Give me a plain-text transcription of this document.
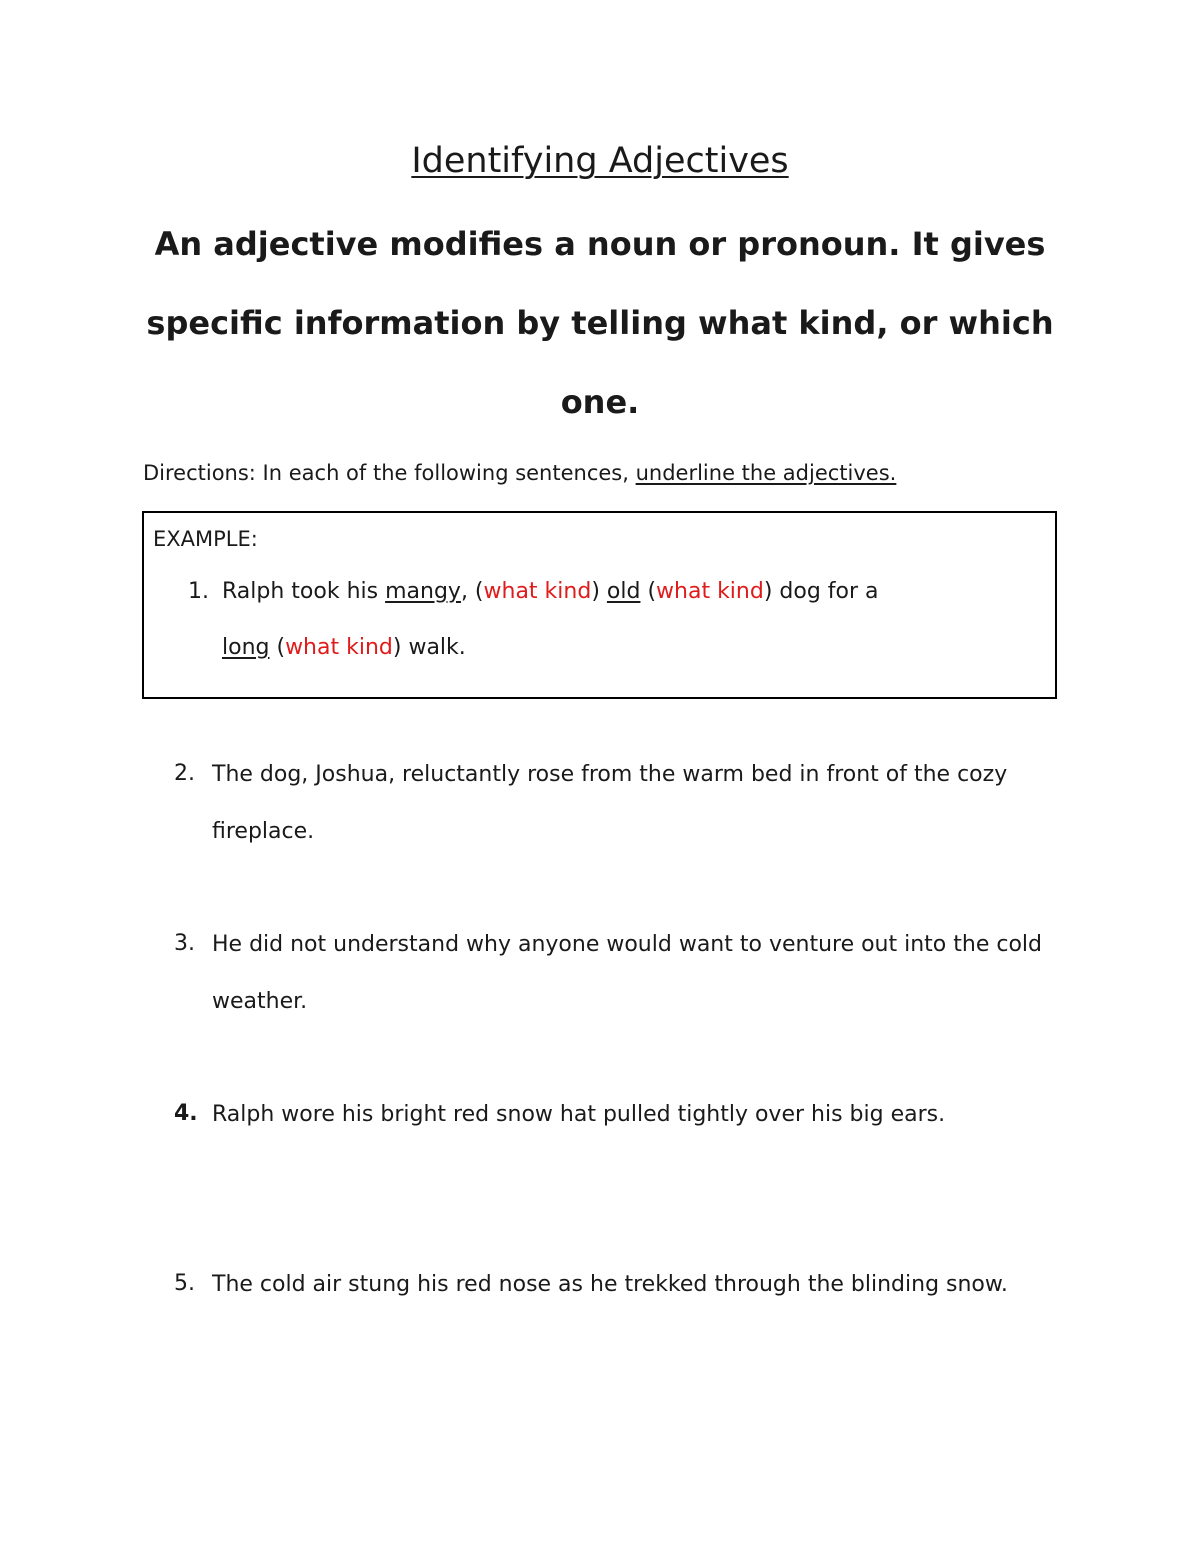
Identifying Adjectives

An adjective modifies a noun or pronoun. It gives specific information by telling what kind, or which one.

Directions: In each of the following sentences, underline the adjectives.

EXAMPLE:

1. Ralph took his mangy, (what kind) old (what kind) dog for a
long (what kind) walk.
2. The dog, Joshua, reluctantly rose from the warm bed in front of the cozy fireplace.
3. He did not understand why anyone would want to venture out into the cold weather.
4. Ralph wore his bright red snow hat pulled tightly over his big ears.
5. The cold air stung his red nose as he trekked through the blinding snow.
